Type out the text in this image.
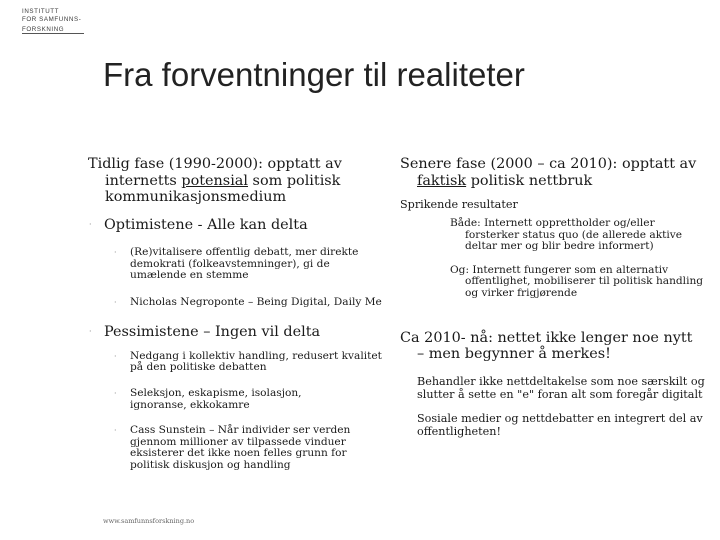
INSTITUTT
FOR SAMFUNNS-
FORSKNING
Fra forventninger til realiteter

Tidlig fase (1990-2000): opptatt av internetts potensial som politisk kommunikasjonsmedium

· Optimistene - Alle kan delta

· (Re)vitalisere offentlig debatt, mer direkte demokrati (folkeavstemninger), gi de umælende en stemme

· Nicholas Negroponte – Being Digital, Daily Me

· Pessimistene – Ingen vil delta

· Nedgang i kollektiv handling, redusert kvalitet på den politiske debatten

· Seleksjon, eskapisme, isolasjon, ignoranse, ekkokamre

· Cass Sunstein – Når individer ser verden gjennom millioner av tilpassede vinduer eksisterer det ikke noen felles grunn for politisk diskusjon og handling

Senere fase (2000 – ca 2010): opptatt av faktisk politisk nettbruk

Sprikende resultater

Både: Internett opprettholder og/eller forsterker status quo (de allerede aktive deltar mer og blir bedre informert)

Og: Internett fungerer som en alternativ offentlighet, mobiliserer til politisk handling og virker frigjørende

Ca 2010- nå: nettet ikke lenger noe nytt – men begynner å merkes!

Behandler ikke nettdeltakelse som noe særskilt og slutter å sette en "e" foran alt som foregår digitalt

Sosiale medier og nettdebatter en integrert del av offentligheten!

www.samfunnsforskning.no
